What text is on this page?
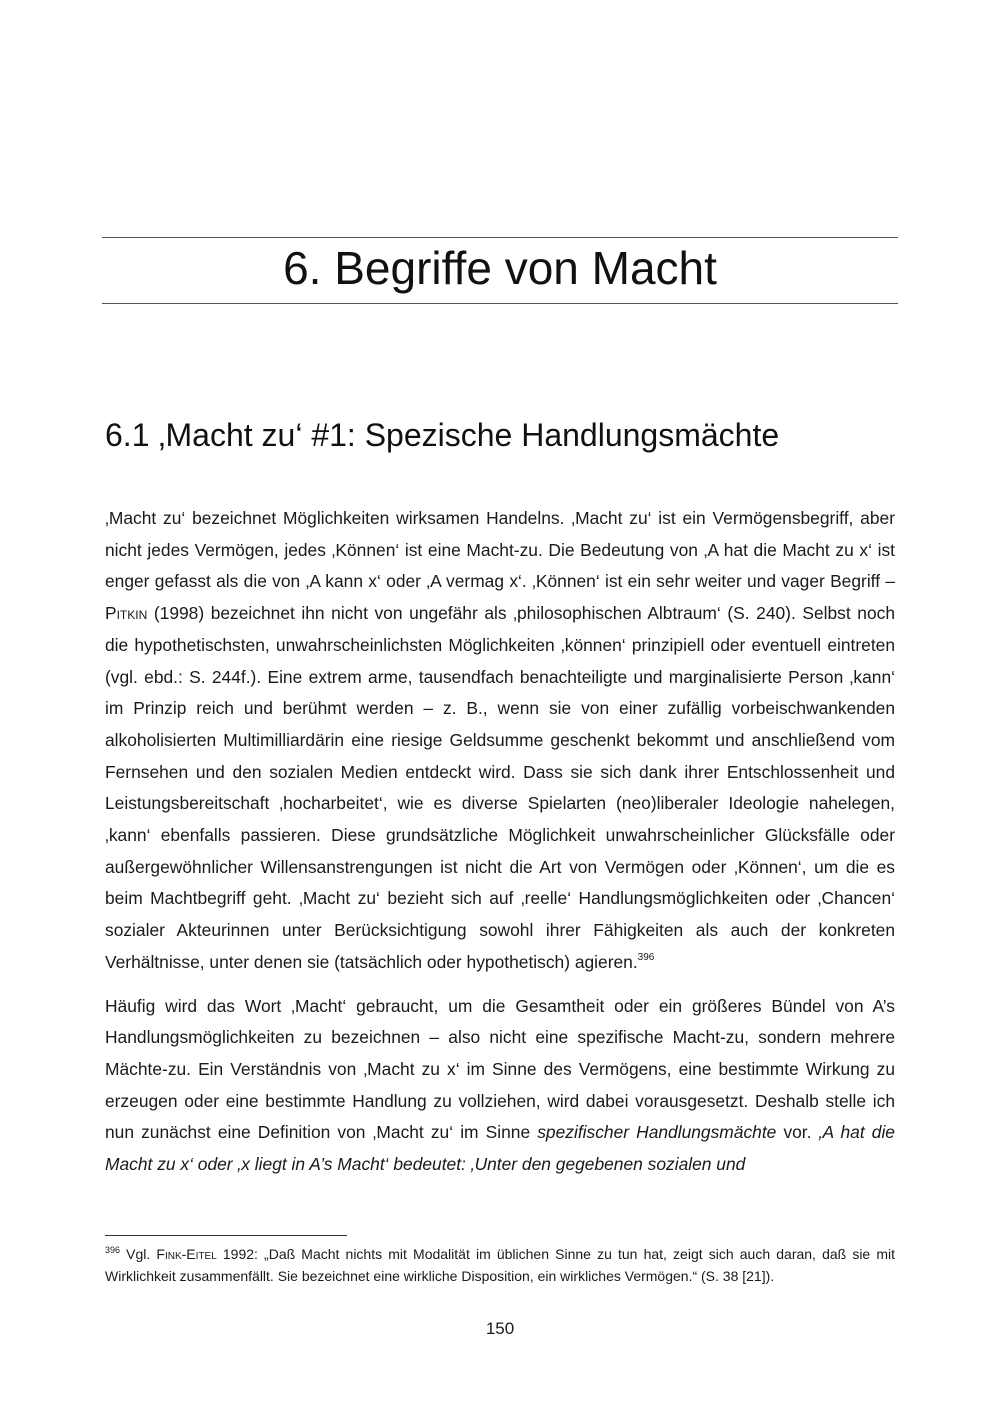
6. Begriffe von Macht
6.1 ‚Macht zu‘ #1: Spezische Handlungsmächte

‚Macht zu‘ bezeichnet Möglichkeiten wirksamen Handelns. ‚Macht zu‘ ist ein Vermögensbegriff, aber nicht jedes Vermögen, jedes ‚Können‘ ist eine Macht-zu. Die Bedeutung von ‚A hat die Macht zu x‘ ist enger gefasst als die von ‚A kann x‘ oder ‚A vermag x‘. ‚Können‘ ist ein sehr weiter und vager Begriff – Pitkin (1998) bezeichnet ihn nicht von ungefähr als ‚philosophischen Albtraum‘ (S. 240). Selbst noch die hypothetischsten, unwahrscheinlichsten Möglichkeiten ‚können‘ prinzipiell oder eventuell eintreten (vgl. ebd.: S. 244f.). Eine extrem arme, tausendfach benachteiligte und marginalisierte Person ‚kann‘ im Prinzip reich und berühmt werden – z. B., wenn sie von einer zufällig vorbeischwankenden alkoholisierten Multimilliardärin eine riesige Geldsumme geschenkt bekommt und anschließend vom Fernsehen und den sozialen Medien entdeckt wird. Dass sie sich dank ihrer Entschlossenheit und Leistungsbereitschaft ‚hocharbeitet‘, wie es diverse Spielarten (neo)liberaler Ideologie nahelegen, ‚kann‘ ebenfalls passieren. Diese grundsätzliche Möglichkeit unwahrscheinlicher Glücksfälle oder außergewöhnlicher Willensanstrengungen ist nicht die Art von Vermögen oder ‚Können‘, um die es beim Machtbegriff geht. ‚Macht zu‘ bezieht sich auf ‚reelle‘ Handlungsmöglichkeiten oder ‚Chancen‘ sozialer Akteurinnen unter Berücksichtigung sowohl ihrer Fähigkeiten als auch der konkreten Verhältnisse, unter denen sie (tatsächlich oder hypothetisch) agieren.$^{396}$

Häufig wird das Wort ‚Macht‘ gebraucht, um die Gesamtheit oder ein größeres Bündel von A’s Handlungsmöglichkeiten zu bezeichnen – also nicht eine spezifische Macht-zu, sondern mehrere Mächte-zu. Ein Verständnis von ‚Macht zu x‘ im Sinne des Vermögens, eine bestimmte Wirkung zu erzeugen oder eine bestimmte Handlung zu vollziehen, wird dabei vorausgesetzt. Deshalb stelle ich nun zunächst eine Definition von ‚Macht zu‘ im Sinne spezifischer Handlungsmächte vor. ‚A hat die Macht zu x‘ oder ‚x liegt in A’s Macht‘ bedeutet: ‚Unter den gegebenen sozialen und

$^{396}$ Vgl. Fink-Eitel 1992: „Daß Macht nichts mit Modalität im üblichen Sinne zu tun hat, zeigt sich auch daran, daß sie mit Wirklichkeit zusammenfällt. Sie bezeichnet eine wirkliche Disposition, ein wirkliches Vermögen.“ (S. 38 [21]).
150
